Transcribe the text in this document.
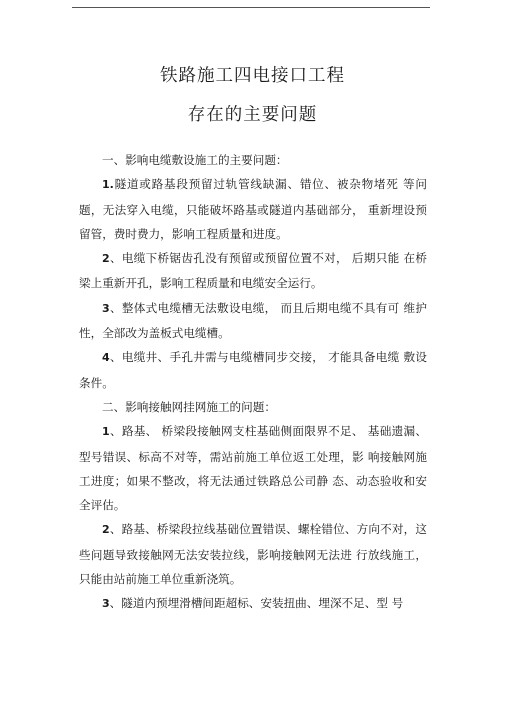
铁路施工四电接口工程
存在的主要问题

一、影响电缆敷设施工的主要问题：

1.隧道或路基段预留过轨管线缺漏、错位、被杂物堵死 等问题，无法穿入电缆，只能破坏路基或隧道内基础部分， 重新埋设预留管，费时费力，影响工程质量和进度。

2、电缆下桥锯齿孔没有预留或预留位置不对， 后期只能 在桥梁上重新开孔，影响工程质量和电缆安全运行。

3、整体式电缆槽无法敷设电缆， 而且后期电缆不具有可 维护性，全部改为盖板式电缆槽。

4、电缆井、手孔井需与电缆槽同步交接， 才能具备电缆 敷设条件。

二、影响接触网挂网施工的问题：

1、路基、 桥梁段接触网支柱基础侧面限界不足、 基础遗漏、型号错误、标高不对等，需站前施工单位返工处理，影 响接触网施工进度；如果不整改，将无法通过铁路总公司静 态、动态验收和安全评估。

2、路基、桥梁段拉线基础位置错误、螺栓错位、方向不对，这些问题导致接触网无法安装拉线，影响接触网无法进 行放线施工，只能由站前施工单位重新浇筑。

3、隧道内预埋滑槽间距超标、安装扭曲、埋深不足、型 号
